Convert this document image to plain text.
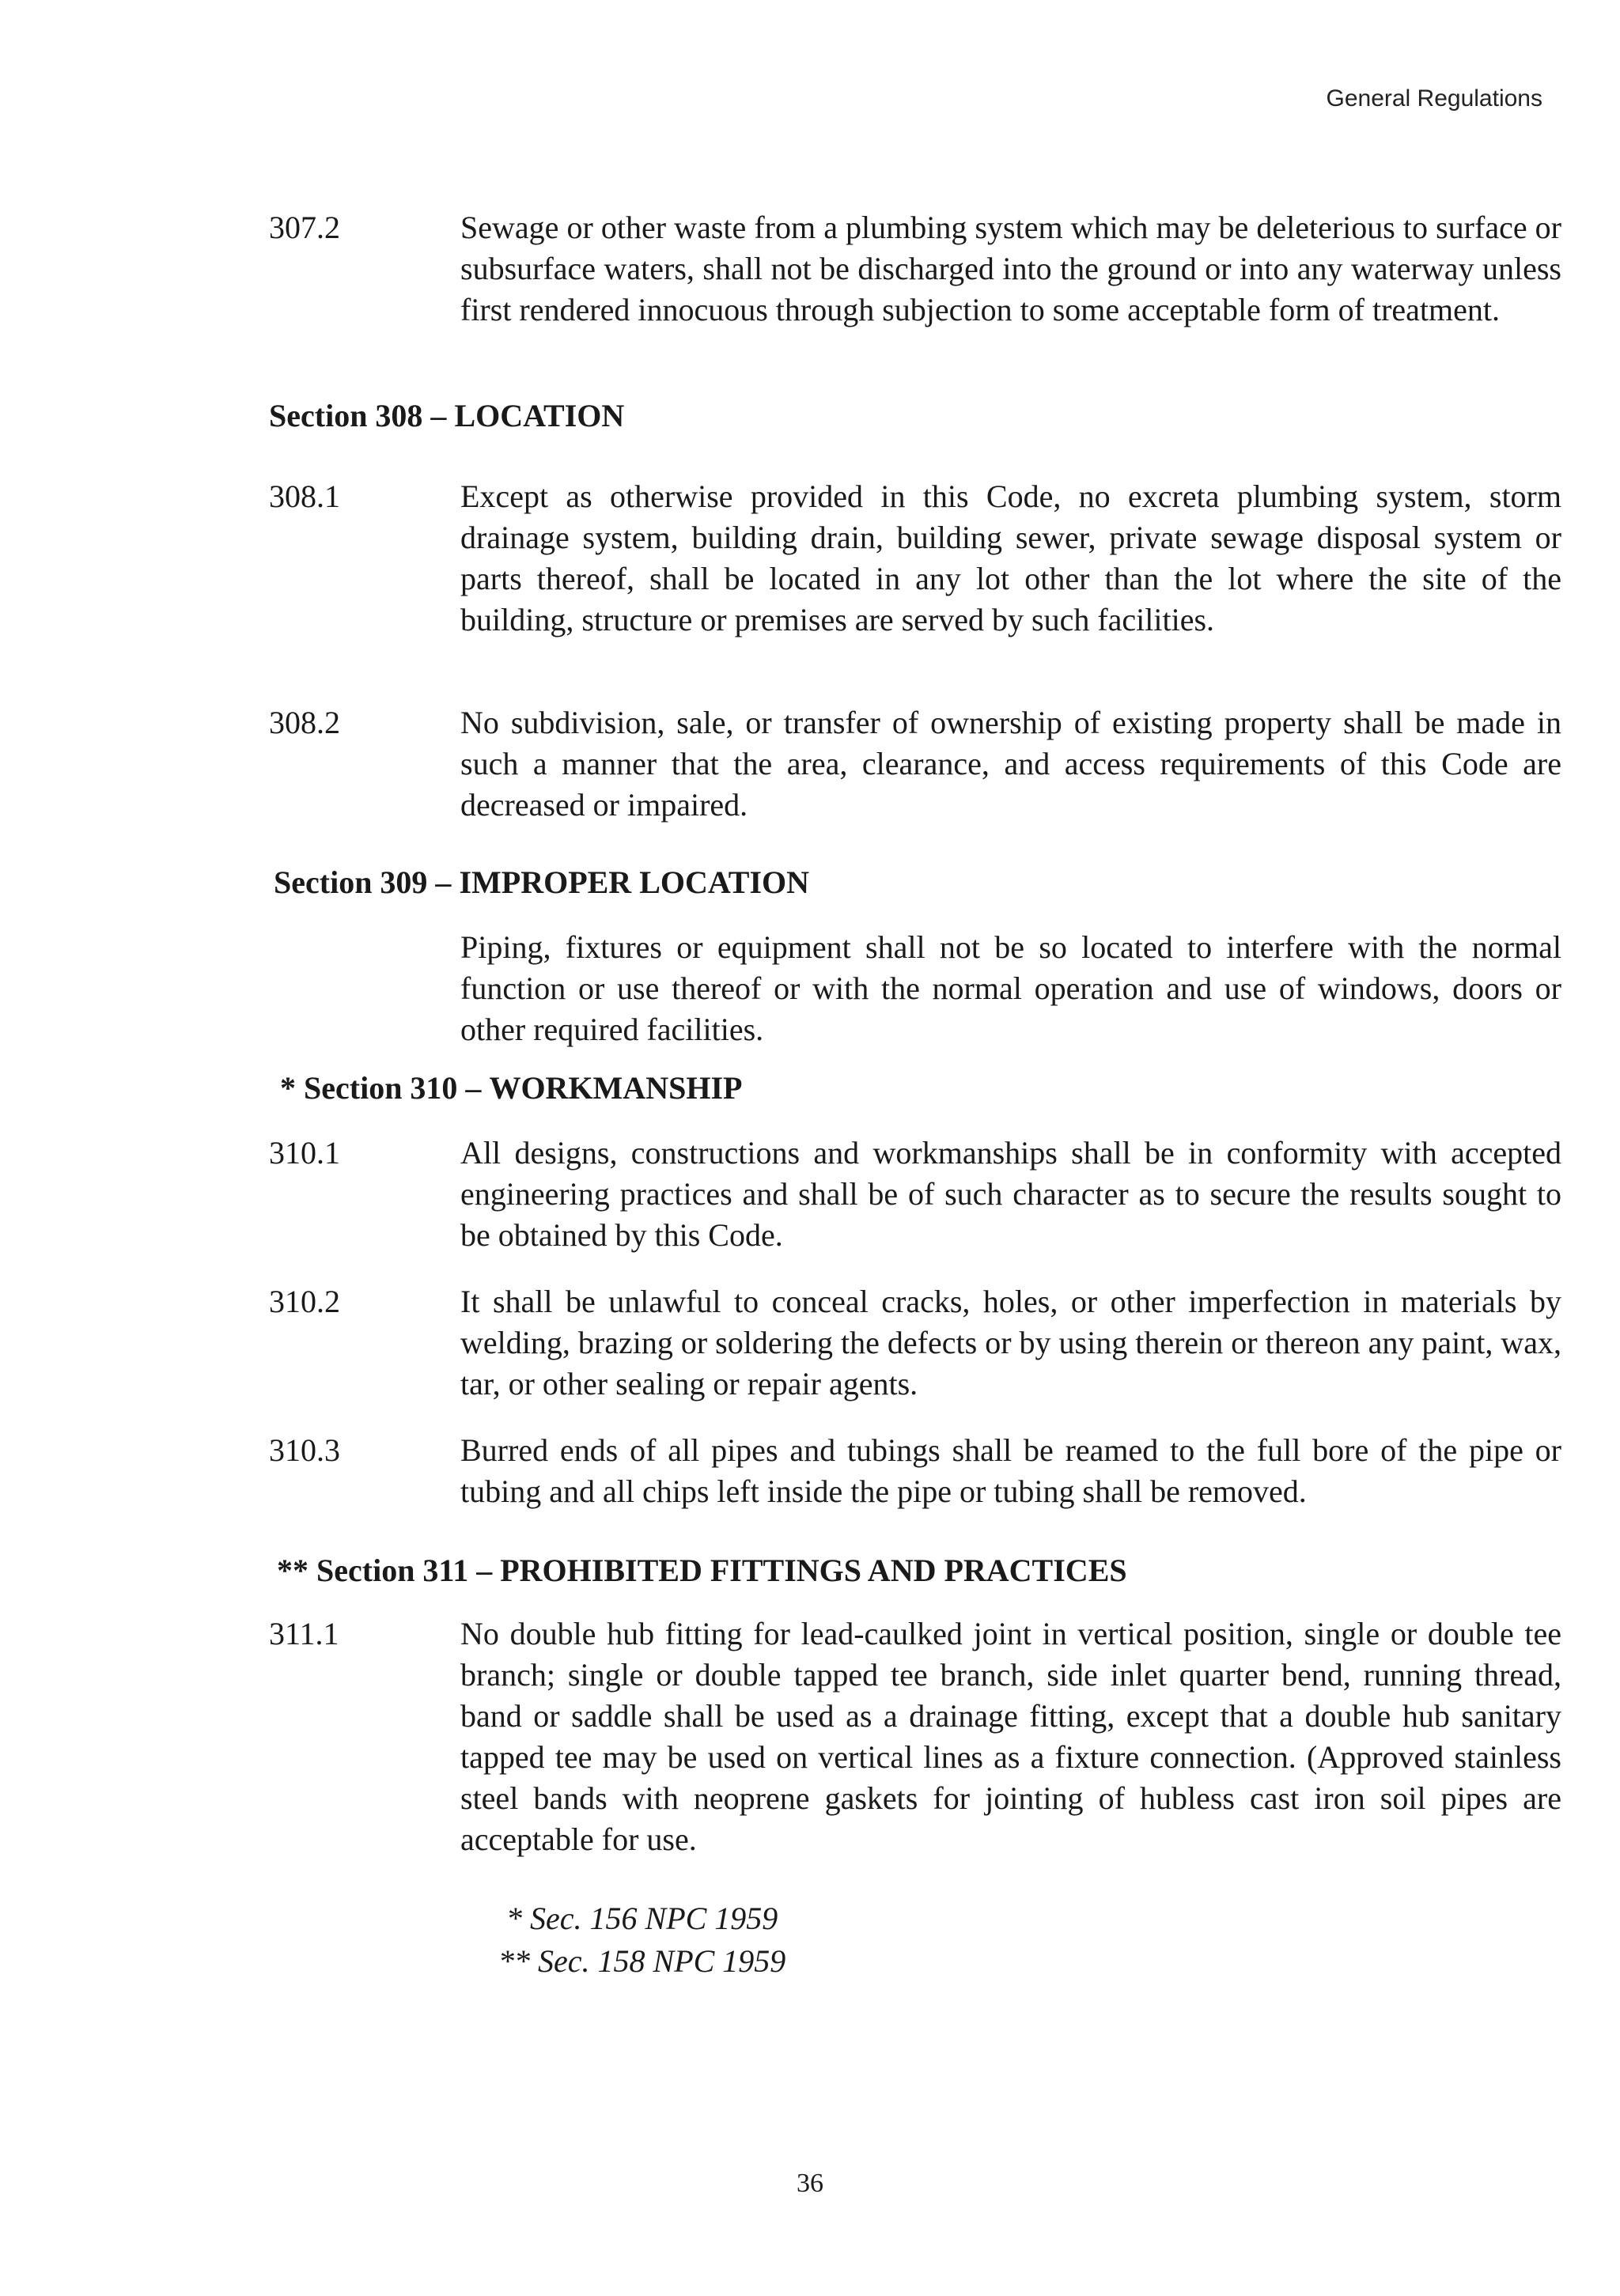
General Regulations
307.2	Sewage or other waste from a plumbing system which may be deleterious to surface or subsurface waters, shall not be discharged into the ground or into any waterway unless first rendered innocuous through subjection to some acceptable form of treatment.
Section 308 – LOCATION
308.1	Except as otherwise provided in this Code, no excreta plumbing system, storm drainage system, building drain, building sewer, private sewage disposal system or parts thereof, shall be located in any lot other than the lot where the site of the building, structure or premises are served by such facilities.
308.2	No subdivision, sale, or transfer of ownership of existing property shall be made in such a manner that the area, clearance, and access requirements of this Code are decreased or impaired.
Section 309 – IMPROPER LOCATION
Piping, fixtures or equipment shall not be so located to interfere with the normal function or use thereof or with the normal operation and use of windows, doors or other required facilities.
* Section 310 – WORKMANSHIP
310.1	All designs, constructions and workmanships shall be in conformity with accepted engineering practices and shall be of such character as to secure the results sought to be obtained by this Code.
310.2	It shall be unlawful to conceal cracks, holes, or other imperfection in materials by welding, brazing or soldering the defects or by using therein or thereon any paint, wax, tar, or other sealing or repair agents.
310.3	Burred ends of all pipes and tubings shall be reamed to the full bore of the pipe or tubing and all chips left inside the pipe or tubing shall be removed.
** Section 311 – PROHIBITED FITTINGS AND PRACTICES
311.1	No double hub fitting for lead-caulked joint in vertical position, single or double tee branch; single or double tapped tee branch, side inlet quarter bend, running thread, band or saddle shall be used as a drainage fitting, except that a double hub sanitary tapped tee may be used on vertical lines as a fixture connection. (Approved stainless steel bands with neoprene gaskets for jointing of hubless cast iron soil pipes are acceptable for use.
* Sec. 156 NPC 1959
** Sec. 158 NPC 1959
36
